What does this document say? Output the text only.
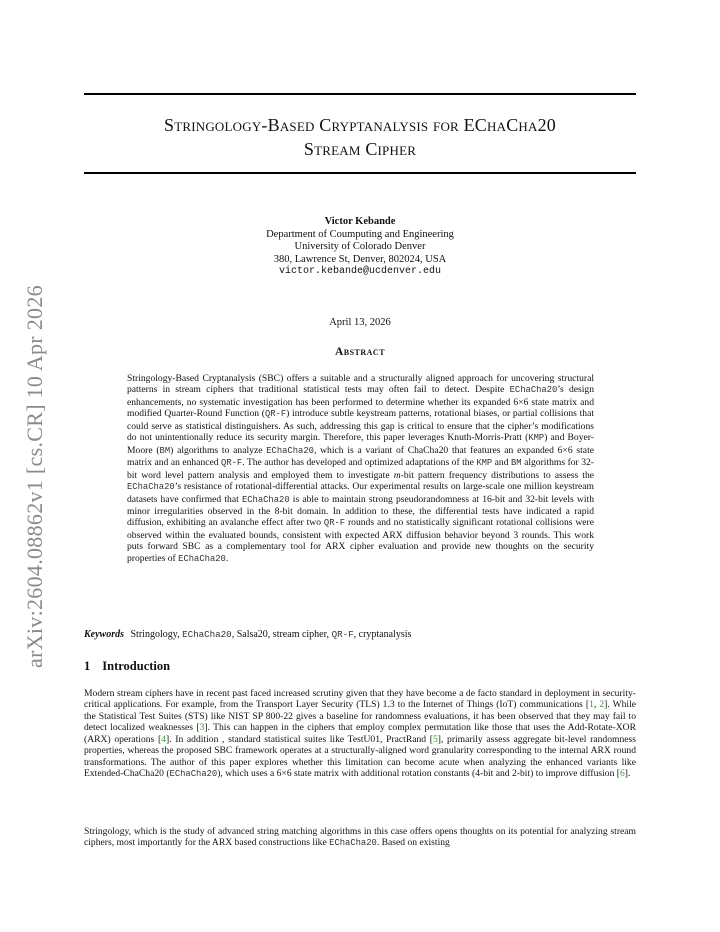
arXiv:2604.08862v1 [cs.CR] 10 Apr 2026
Stringology-Based Cryptanalysis for EChaCha20
Stream Cipher
Victor Kebande
Department of Coumputing and Engineering
University of Colorado Denver
380, Lawrence St, Denver, 802024, USA
victor.kebande@ucdenver.edu
April 13, 2026
Abstract
Stringology-Based Cryptanalysis (SBC) offers a suitable and a structurally aligned approach for uncovering structural patterns in stream ciphers that traditional statistical tests may often fail to detect. Despite EChaCha20’s design enhancements, no systematic investigation has been performed to determine whether its expanded 6×6 state matrix and modified Quarter-Round Function (QR-F) introduce subtle keystream patterns, rotational biases, or partial collisions that could serve as statistical distinguishers. As such, addressing this gap is critical to ensure that the cipher’s modifications do not unintentionally reduce its security margin. Therefore, this paper leverages Knuth-Morris-Pratt (KMP) and Boyer-Moore (BM) algorithms to analyze EChaCha20, which is a variant of ChaCha20 that features an expanded 6×6 state matrix and an enhanced QR-F. The author has developed and optimized adaptations of the KMP and BM algorithms for 32-bit word level pattern analysis and employed them to investigate m-bit pattern frequency distributions to assess the EChaCha20’s resistance of rotational-differential attacks. Our experimental results on large-scale one million keystream datasets have confirmed that EChaCha20 is able to maintain strong pseudorandomness at 16-bit and 32-bit levels with minor irregularities observed in the 8-bit domain. In addition to these, the differential tests have indicated a rapid diffusion, exhibiting an avalanche effect after two QR-F rounds and no statistically significant rotational collisions were observed within the evaluated bounds, consistent with expected ARX diffusion behavior beyond 3 rounds. This work puts forward SBC as a complementary tool for ARX cipher evaluation and provide new thoughts on the security properties of EChaCha20.
Keywords Stringology, EChaCha20, Salsa20, stream cipher, QR-F, cryptanalysis
1 Introduction

Modern stream ciphers have in recent past faced increased scrutiny given that they have become a de facto standard in deployment in security-critical applications. For example, from the Transport Layer Security (TLS) 1.3 to the Internet of Things (IoT) communications [1, 2]. While the Statistical Test Suites (STS) like NIST SP 800-22 gives a baseline for randomness evaluations, it has been observed that they may fail to detect localized weaknesses [3]. This can happen in the ciphers that employ complex permutation like those that uses the Add-Rotate-XOR (ARX) operations [4]. In addition , standard statistical suites like TestU01, PractRand [5], primarily assess aggregate bit-level randomness properties, whereas the proposed SBC framework operates at a structurally-aligned word granularity corresponding to the internal ARX round transformations. The author of this paper explores whether this limitation can become acute when analyzing the enhanced variants like Extended-ChaCha20 (EChaCha20), which uses a 6×6 state matrix with additional rotation constants (4-bit and 2-bit) to improve diffusion [6].

Stringology, which is the study of advanced string matching algorithms in this case offers opens thoughts on its potential for analyzing stream ciphers, most importantly for the ARX based constructions like EChaCha20. Based on existing
